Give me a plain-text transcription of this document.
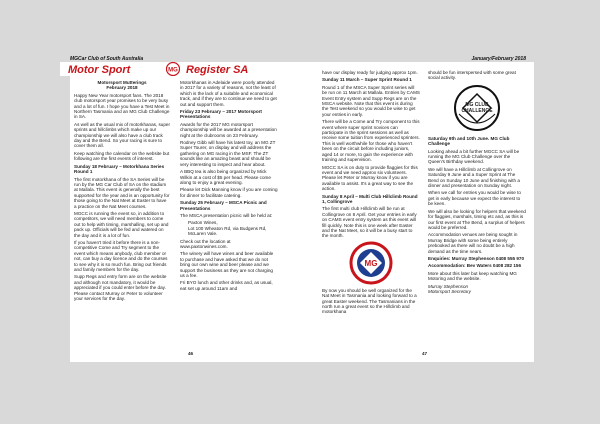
MGCar Club of South Australia
Motor Sport	MG Register SA

Motorsport Mutterings

February 2018

Happy New Year motorsport fans. The 2018 club motorsport year promises to be very busy and a lot of fun. I hope you have a Test Meet in Northern Tasmania and an MG Club Challenge in SA.

As well as the usual mix of motorkhanas, super sprints and hillclimbs which make up our championship we will also have a club track day and the Bend. So your racing is sure to cover them all.

Keep watching the calendar on the website but following are the first events of interest.

Sunday 18 February – Motorkhana Series Round 1

The first motorkhana of the SA Series will be run by the MG Car Club of SA on the stadium at Mallala. This event is generally the best supported for the year and is an opportunity for those going to the Nat Meet at Easter to have a practice on the Nat Meet courses.

MGCC is running the event so, in addition to competitors, we will need members to come out to help with timing, marshalling, set up and pack up. Officials will be fed and watered on the day and it is a lot of fun.

If you haven't tried it before there is a non-competitive Come and Try segment to the event which means anybody, club member or not, can buy a day licence and do the courses to see why it is so much fun. Bring out friends and family members for the day.

Supp Regs and entry form are on the website and although not mandatory, it would be appreciated if you could enter before the day. Please contact Murray or Peter to volunteer your services for the day.

Motorkhanas in Adelaide were poorly attended in 2017 for a variety of reasons, not the least of which is the lack of a suitable and economical track, and if they are to continue we need to get out and support them.

Friday 23 February – 2017 Motorsport Presentations

Awards for the 2017 MG motorsport championship will be awarded at a presentation night at the clubrooms on 23 February.

Rodney Gibb will have his latest toy, an MG ZT Super Tourer, on display and will address the gathering on MG racing in the MSF. The ZT sounds like an amazing beast and should be very interesting to inspect and hear about.

A BBQ tea is also being organized by Mick Wilkin at a cost of $5 per head. Please come along to enjoy a great evening.

Please let Dick Manning know if you are coming for dinner to facilitate catering.

Sunday 25 February – MSCA Picnic and Presentations

The MSCA presentation picnic will be held at:

Paxton Wines,
Lot 100 Wheaton Rd, via Budgens Rd, McLaren Vale.

Check out the location at www.paxtonwines.com.

The winery will have wines and beer available to purchase and have asked that we do not bring our own wine and beer please and we support the business as they are not charging us a fee.

Fri BYO lunch and other drinks and, as usual, eat set up around 11am and

46
January/February 2018

have our display ready for judging approx 1pm.

Sunday 11 March – Super Sprint Round 1

Round 1 of the MSCA Super Sprint series will be run on 11 March at Mallala. Entries by CAMS Event Entry system and Supp Regs are on the MSCA website. Note that this event is during the Test weekend so you would be wise to get your entries in early.

There will be a Come and Try component to this event where super sprint novices can participate in the sprint sessions as well as receive some tuition from experienced sprinters. This is well worthwhile for those who haven't been on the circuit before including juniors, aged 14 or more, to gain the experience with training and supervision.

MGCC SA is on duty to provide flaggies for this event and we need approx six volunteers. Please let Peter or Murray know if you are available to assist. It's a great way to see the action.

Sunday 8 April – Multi Club Hillclimb Round 1, Collingrove

The first multi club Hillclimb will be run at Collingrove on 8 April. Get your entries in early on CAMS event entry system as this event will fill quickly. Note this is one week after Easter and the Nat Meet, so it will be a busy start to the month.

MG

By now you should be well organized for the Nat Meet in Tasmania and looking forward to a great Easter weekend. The Tasmanians in the north run a great event so the Hillclimb and motorkhana

should be fun interspersed with some great social activity.

MG CLUB CHALLENGE

Saturday 9th and 10th June. MG Club Challenge

Looking ahead a bit further MGCC SA will be running the MG Club Challenge over the Queen's Birthday weekend.

We will have a Hillclimb at Collingrove on Saturday 9 June and a Super Sprint at The Bend on Sunday 10 June and finishing with a dinner and presentation on Sunday night.

When we call for entries you would be wise to get in early because we expect the interest to be keen.

We will also be looking for helpers that weekend for flaggies, marshals, timing etc and, as this is our first event at The Bend, a surplus of helpers would be preferred.

Accommodation venues are being sought in Murray Bridge with some being entirely prebooked as there will no doubt be a high demand as the time nears.

Enquiries: Murray Stephenson 0408 555 970

Accommodation: Bev Waters 0408 282 156

More about this later but keep watching MG Motoring and the website.

Murray Stephenson

Motorsport Secretary

47
